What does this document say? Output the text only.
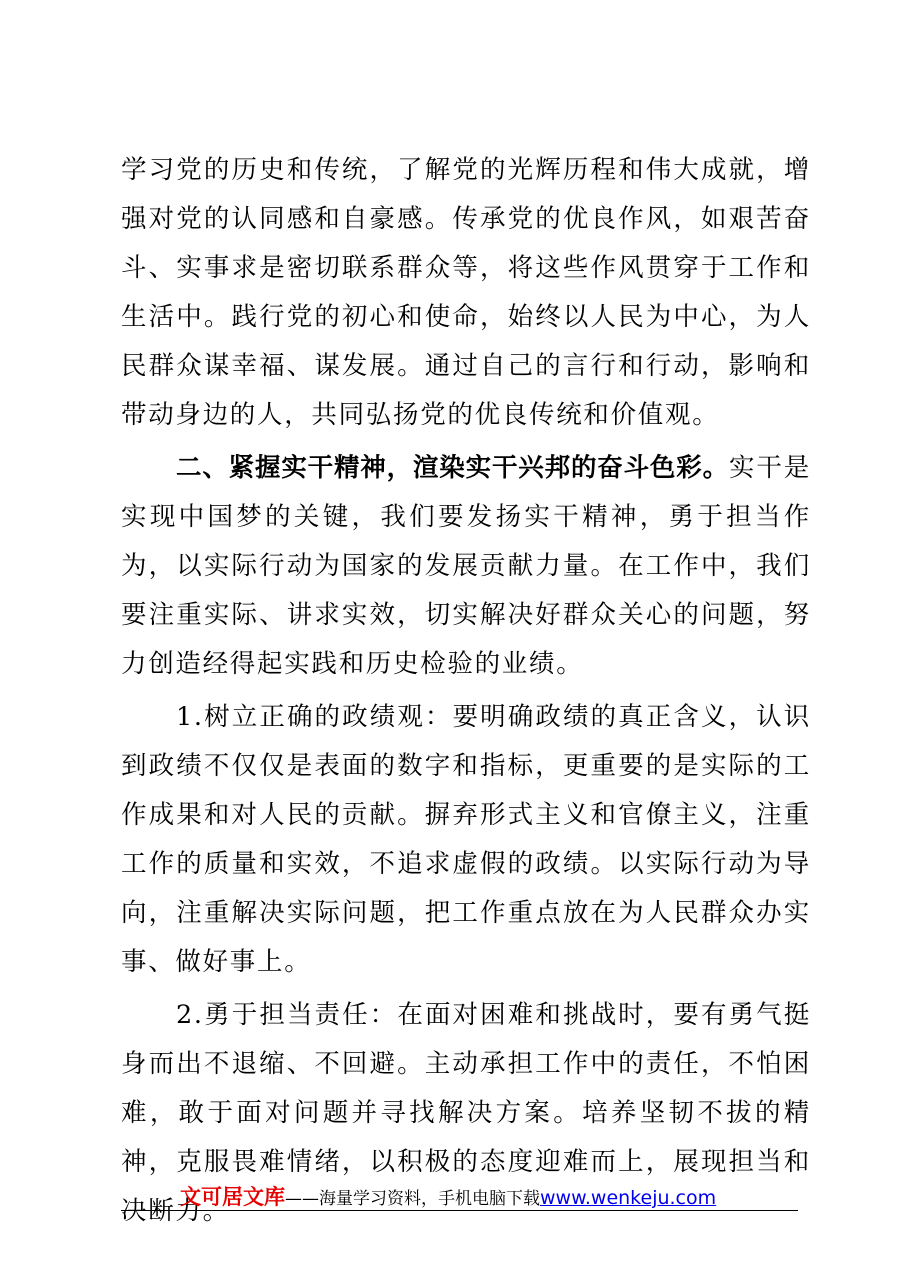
学习党的历史和传统，了解党的光辉历程和伟大成就，增强对党的认同感和自豪感。传承党的优良作风，如艰苦奋斗、实事求是密切联系群众等，将这些作风贯穿于工作和生活中。践行党的初心和使命，始终以人民为中心，为人民群众谋幸福、谋发展。通过自己的言行和行动，影响和带动身边的人，共同弘扬党的优良传统和价值观。

二、紧握实干精神，渲染实干兴邦的奋斗色彩。实干是实现中国梦的关键，我们要发扬实干精神，勇于担当作为，以实际行动为国家的发展贡献力量。在工作中，我们要注重实际、讲求实效，切实解决好群众关心的问题，努力创造经得起实践和历史检验的业绩。

1.树立正确的政绩观：要明确政绩的真正含义，认识到政绩不仅仅是表面的数字和指标，更重要的是实际的工作成果和对人民的贡献。摒弃形式主义和官僚主义，注重工作的质量和实效，不追求虚假的政绩。以实际行动为导向，注重解决实际问题，把工作重点放在为人民群众办实事、做好事上。

2.勇于担当责任：在面对困难和挑战时，要有勇气挺身而出不退缩、不回避。主动承担工作中的责任，不怕困难，敢于面对问题并寻找解决方案。培养坚韧不拔的精神，克服畏难情绪，以积极的态度迎难而上，展现担当和决断力。

文可居文库——海量学习资料，手机电脑下载www.wenkeju.com
